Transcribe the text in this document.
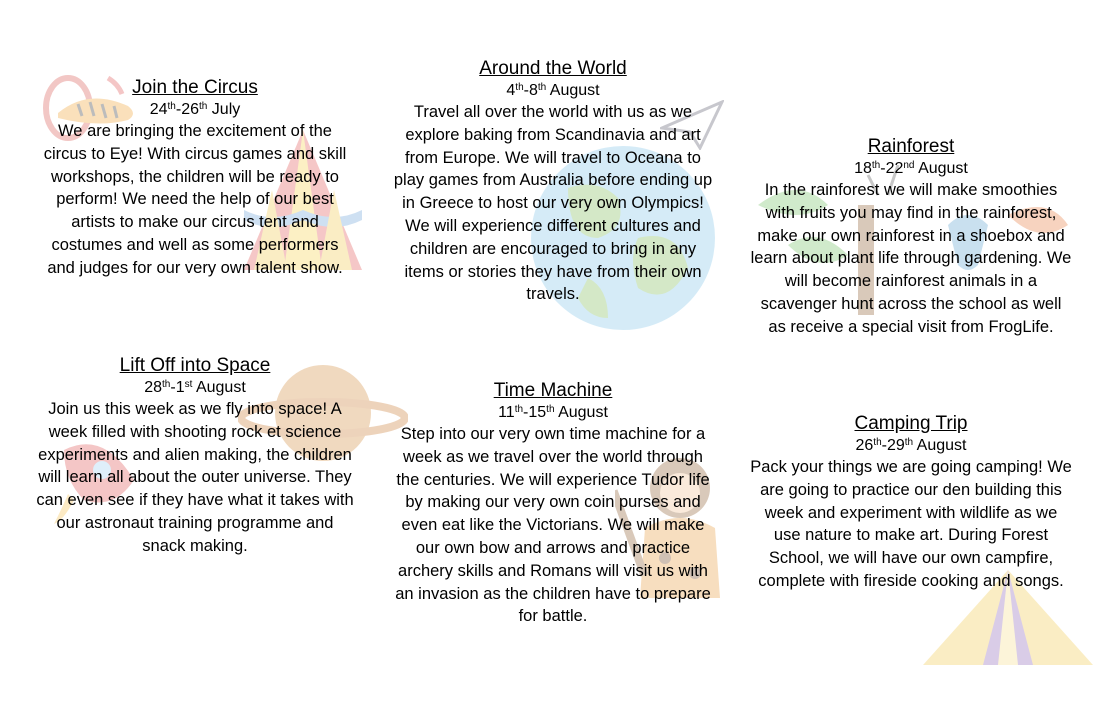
Join the Circus
24th-26th July

We are bringing the excitement of the circus to Eye! With circus games and skill workshops, the children will be ready to perform! We need the help of our best artists to make our circus tent and costumes and well as some performers and judges for our very own talent show.

Around the World
4th-8th August

Travel all over the world with us as we explore baking from Scandinavia and art from Europe. We will travel to Oceana to play games from Australia before ending up in Greece to host our very own Olympics! We will experience different cultures and children are encouraged to bring in any items or stories they have from their own travels.

Rainforest
18th-22nd August

In the rainforest we will make smoothies with fruits you may find in the rainforest, make our own rainforest in a shoebox and learn about plant life through gardening. We will become rainforest animals in a scavenger hunt across the school as well as receive a special visit from FrogLife.

Lift Off into Space
28th-1st August

Join us this week as we fly into space! A week filled with shooting rock et science experiments and alien making, the children will learn all about the outer universe. They can even see if they have what it takes with our astronaut training programme and snack making.

Time Machine
11th-15th August

Step into our very own time machine for a week as we travel over the world through the centuries. We will experience Tudor life by making our very own coin purses and even eat like the Victorians. We will make our own bow and arrows and practice archery skills and Romans will visit us with an invasion as the children have to prepare for battle.

Camping Trip
26th-29th August

Pack your things we are going camping! We are going to practice our den building this week and experiment with wildlife as we use nature to make art. During Forest School, we will have our own campfire, complete with fireside cooking and songs.
